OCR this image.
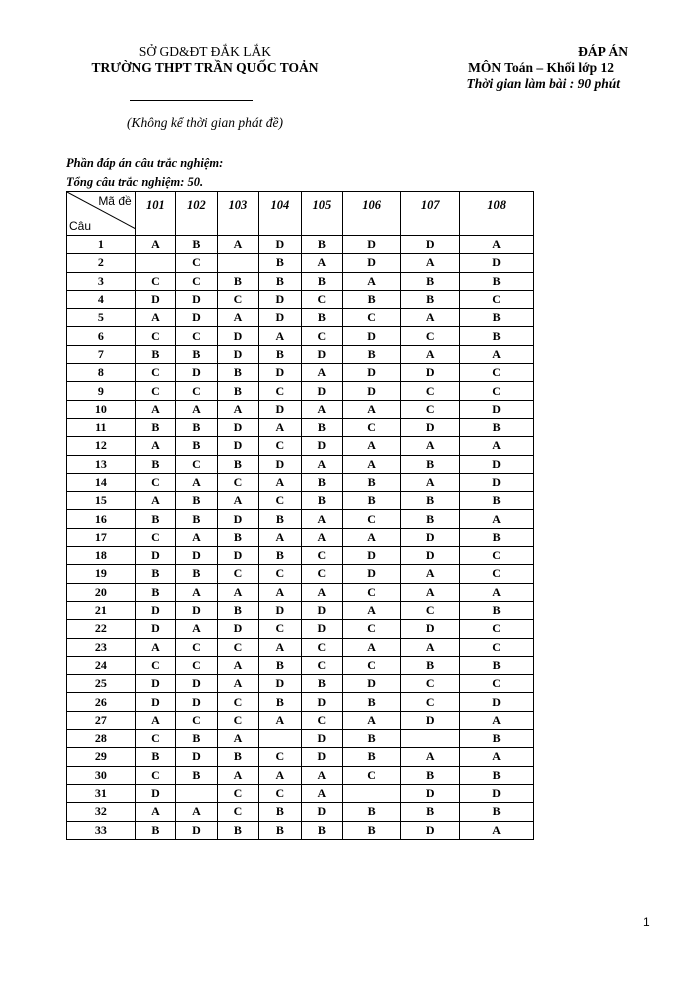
SỞ GD&ĐT ĐẮK LẮK
TRƯỜNG THPT TRẦN QUỐC TOẢN
(Không kể thời gian phát đề)
ĐÁP ÁN
MÔN Toán – Khối lớp 12
Thời gian làm bài : 90 phút
Phần đáp án câu trắc nghiệm:
Tổng câu trắc nghiệm: 50.
Mã đề
Câu	101	102	103	104	105	106	107	108
1	A	B	A	D	B	D	D	A
2		C		B	A	D	A	D
3	C	C	B	B	B	A	B	B
4	D	D	C	D	C	B	B	C
5	A	D	A	D	B	C	A	B
6	C	C	D	A	C	D	C	B
7	B	B	D	B	D	B	A	A
8	C	D	B	D	A	D	D	C
9	C	C	B	C	D	D	C	C
10	A	A	A	D	A	A	C	D
11	B	B	D	A	B	C	D	B
12	A	B	D	C	D	A	A	A
13	B	C	B	D	A	A	B	D
14	C	A	C	A	B	B	A	D
15	A	B	A	C	B	B	B	B
16	B	B	D	B	A	C	B	A
17	C	A	B	A	A	A	D	B
18	D	D	D	B	C	D	D	C
19	B	B	C	C	C	D	A	C
20	B	A	A	A	A	C	A	A
21	D	D	B	D	D	A	C	B
22	D	A	D	C	D	C	D	C
23	A	C	C	A	C	A	A	C
24	C	C	A	B	C	C	B	B
25	D	D	A	D	B	D	C	C
26	D	D	C	B	D	B	C	D
27	A	C	C	A	C	A	D	A
28	C	B	A		D	B		B
29	B	D	B	C	D	B	A	A
30	C	B	A	A	A	C	B	B
31	D		C	C	A		D	D
32	A	A	C	B	D	B	B	B
33	B	D	B	B	B	B	D	A
1
